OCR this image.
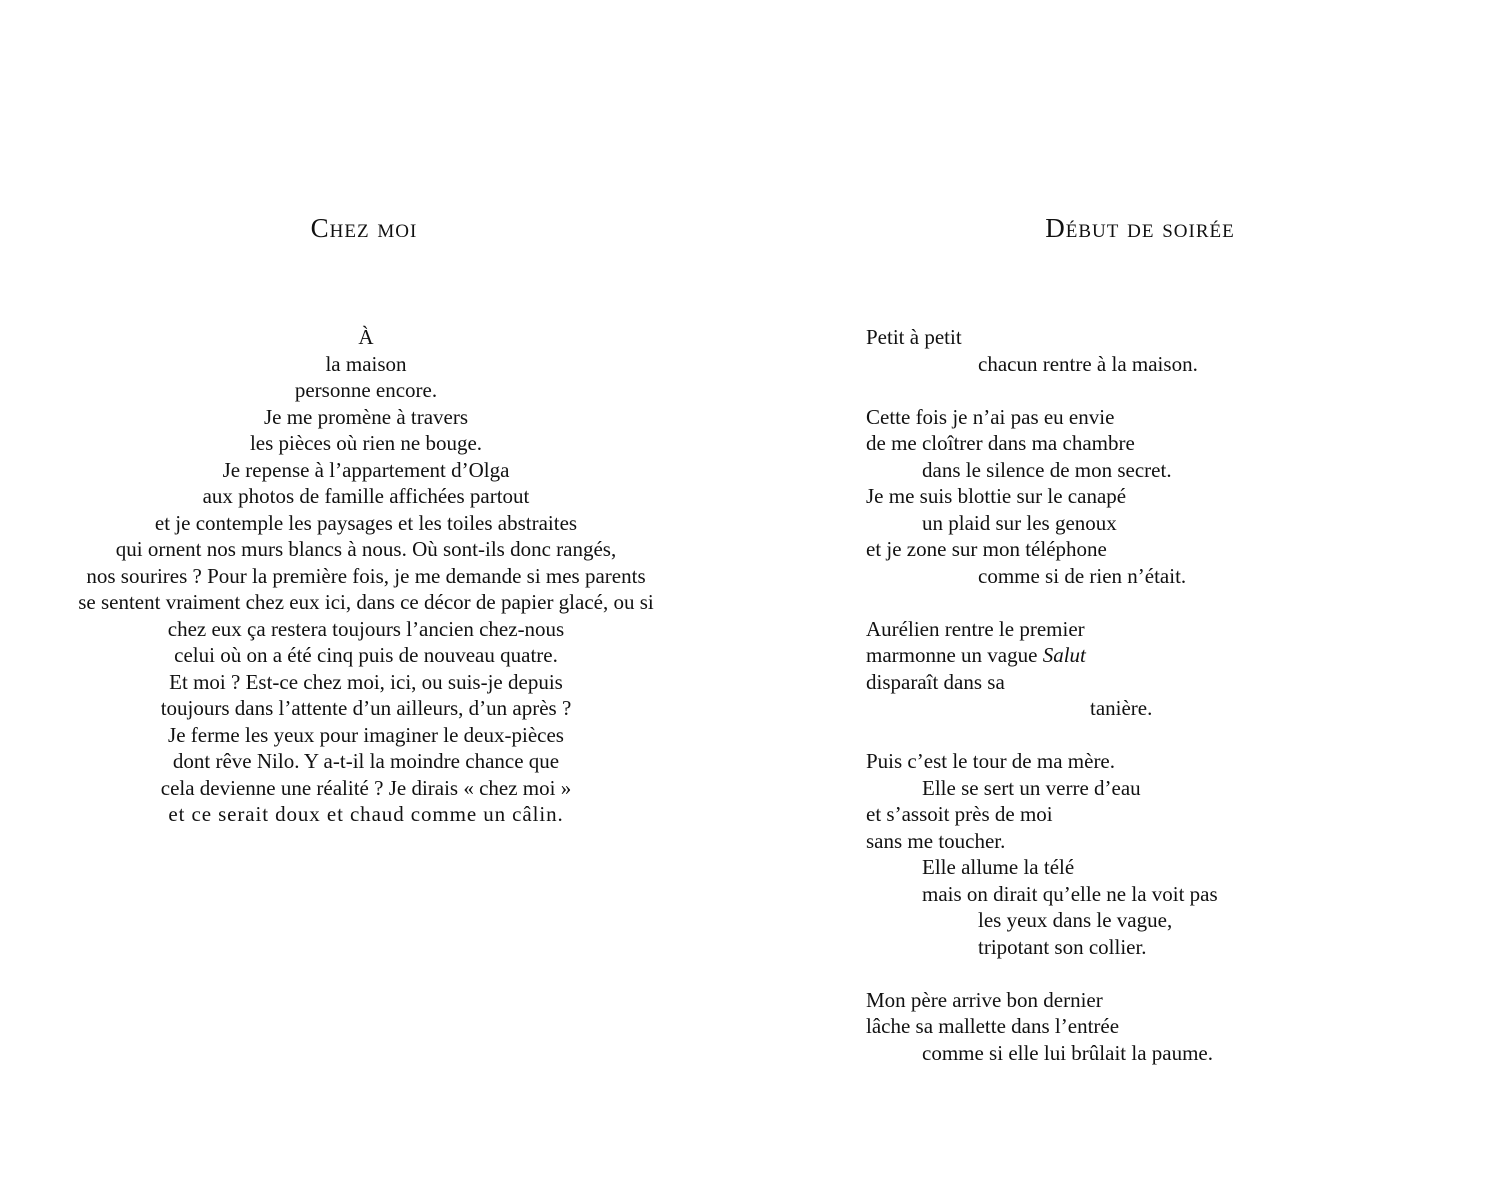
Chez moi
À
la maison
personne encore.
Je me promène à travers
les pièces où rien ne bouge.
Je repense à l’appartement d’Olga
aux photos de famille affichées partout
et je contemple les paysages et les toiles abstraites
qui ornent nos murs blancs à nous. Où sont-ils donc rangés,
nos sourires ? Pour la première fois, je me demande si mes parents
se sentent vraiment chez eux ici, dans ce décor de papier glacé, ou si
chez eux ça restera toujours l’ancien chez-nous
celui où on a été cinq puis de nouveau quatre.
Et moi ? Est-ce chez moi, ici, ou suis-je depuis
toujours dans l’attente d’un ailleurs, d’un après ?
Je ferme les yeux pour imaginer le deux-pièces
dont rêve Nilo. Y a-t-il la moindre chance que
cela devienne une réalité ? Je dirais « chez moi »
et ce serait doux et chaud comme un câlin.
Début de soirée
Petit à petit
chacun rentre à la maison.
Cette fois je n’ai pas eu envie
de me cloîtrer dans ma chambre
dans le silence de mon secret.
Je me suis blottie sur le canapé
un plaid sur les genoux
et je zone sur mon téléphone
comme si de rien n’était.
Aurélien rentre le premier
marmonne un vague Salut
disparaît dans sa
tanière.
Puis c’est le tour de ma mère.
Elle se sert un verre d’eau
et s’assoit près de moi
sans me toucher.
Elle allume la télé
mais on dirait qu’elle ne la voit pas
les yeux dans le vague,
tripotant son collier.
Mon père arrive bon dernier
lâche sa mallette dans l’entrée
comme si elle lui brûlait la paume.
